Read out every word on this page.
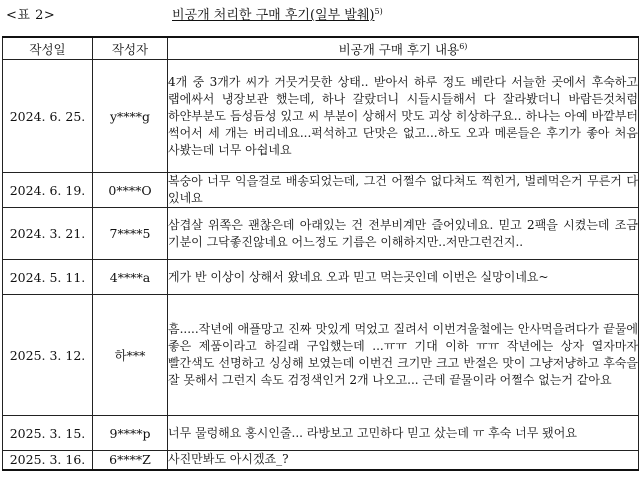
<표 2>	비공개 처리한 구매 후기(일부 발췌)$^{5)}$
작성일	작성자	비공개 구매 후기 내용$^{6)}$
2024. 6. 25.	y****g	4개 중 3개가 씨가 거뭇거뭇한 상태.. 받아서 하루 정도 베란다 서늘한 곳에서 후숙하고 랩에싸서 냉장보관 했는데, 하나 갈랐더니 시들시들해서 다 잘라봤더니 바람든것처럼 하얀부분도 듬성듬성 있고 씨 부분이 상해서 맛도 괴상 히상하구요.. 하나는 아예 바깥부터 썩어서 세 개는 버리네요...퍽석하고 단맛은 없고...하도 오과 메론들은 후기가 좋아 처음 사봤는데 너무 아쉽네요
2024. 6. 19.	0****O	복숭아 너무 익을걸로 배송되었는데, 그건 어쩔수 없다쳐도 찍힌거, 벌레먹은거 무른거 다 있네요
2024. 3. 21.	7****5	삼겹살 위쪽은 괜찮은데 아래있는 건 전부비계만 즐어있네요. 믿고 2팩을 시켰는데 조금 기분이 그닥좋진않네요 어느정도 기름은 이해하지만..저만그런건지..
2024. 5. 11.	4****a	게가 반 이상이 상해서 왔네요 오과 믿고 먹는곳인데 이번은 실망이네요~
2025. 3. 12.	하***	흠.....작년에 애플망고 진짜 맛있게 먹었고 질려서 이번겨울철에는 안사먹을려다가 끝물에 좋은 제품이라고 하길래 구입했는데 ...ㅠㅠ 기대 이하 ㅠㅠ 작년에는 상자 열자마자 빨간색도 선명하고 싱싱해 보였는데 이번건 크기만 크고 반절은 맛이 그냥저냥하고 후숙을 잘 못해서 그런지 속도 검정색인거 2개 나오고... 근데 끝물이라 어쩔수 없는거 같아요
2025. 3. 15.	9****p	너무 물렁해요 홍시인줄... 라방보고 고민하다 믿고 샀는데 ㅠ 후숙 너무 됐어요
2025. 3. 16.	6****Z	사진만봐도 아시겠죠_?
